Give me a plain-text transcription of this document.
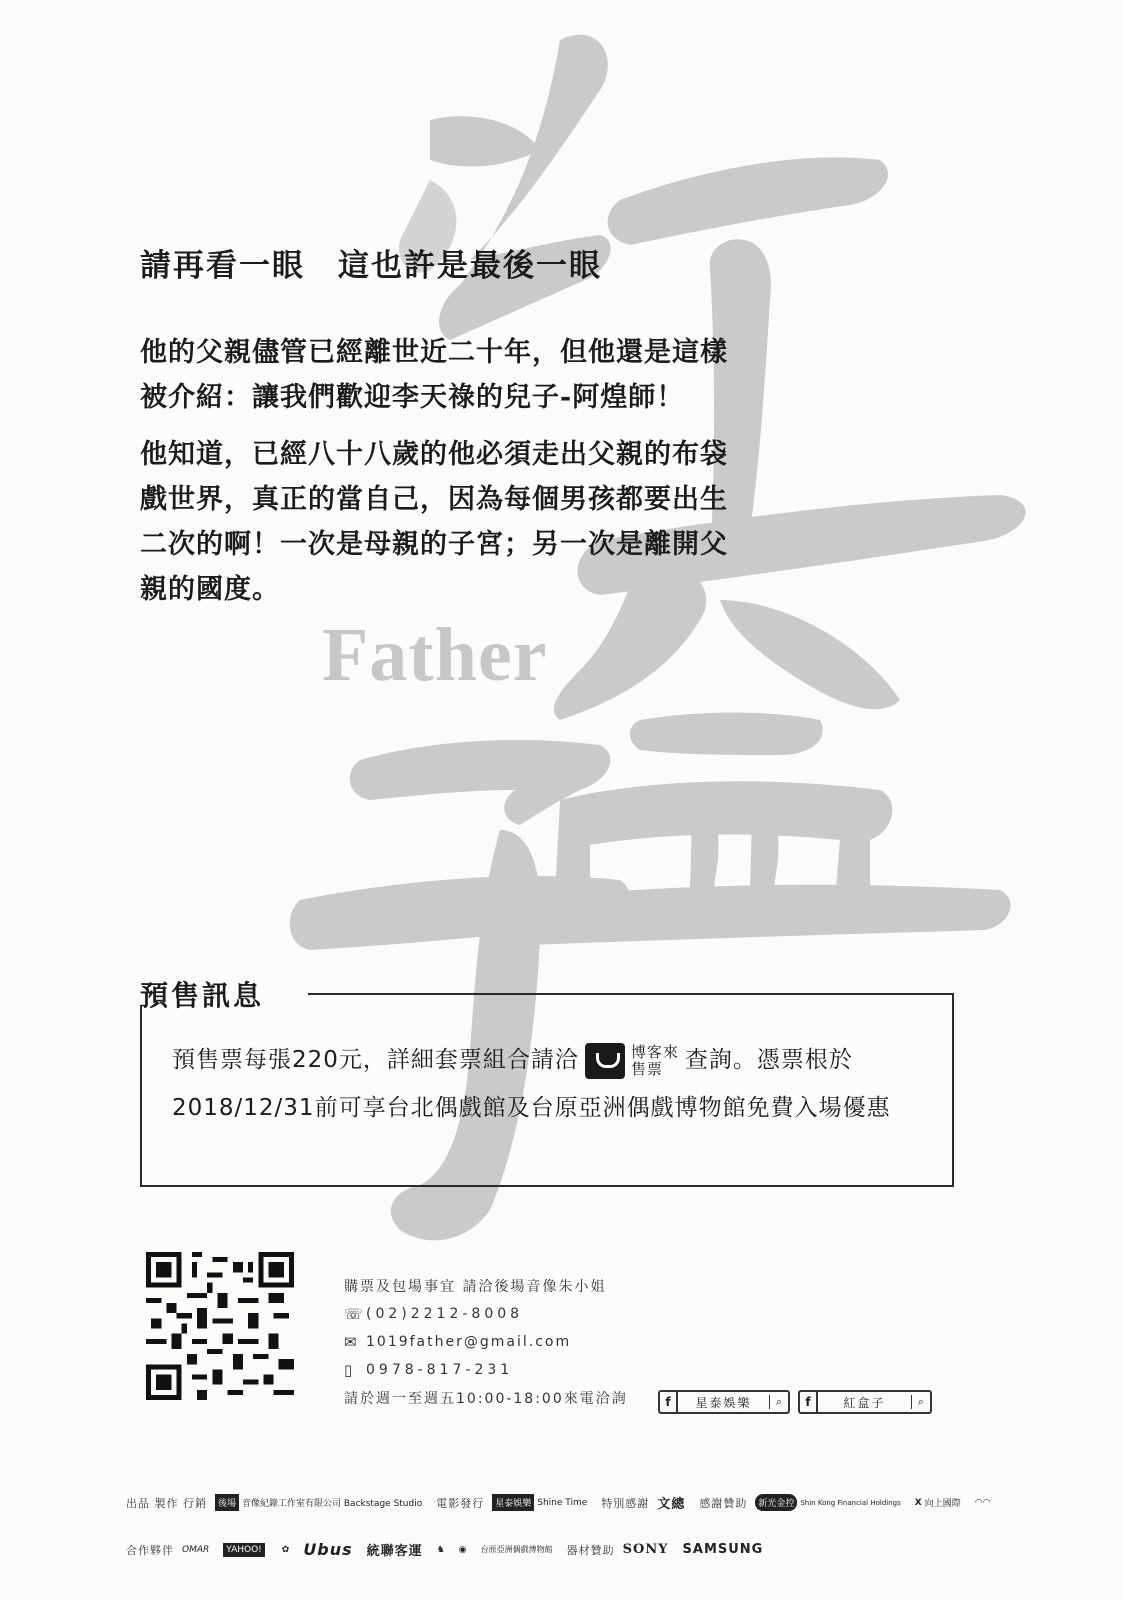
Father
請再看一眼　這也許是最後一眼
他的父親儘管已經離世近二十年，但他還是這樣被介紹：讓我們歡迎李天祿的兒子-阿煌師！
他知道，已經八十八歲的他必須走出父親的布袋戲世界，真正的當自己，因為每個男孩都要出生二次的啊！一次是母親的子宮；另一次是離開父親的國度。
預售訊息
預售票每張220元，詳細套票組合請洽	博客來售票 查詢。憑票根於2018/12/31前可享台北偶戲館及台原亞洲偶戲博物館免費入場優惠
購票及包場事宜 請洽後場音像朱小姐
☏ (02)2212-8008
✉ 1019father@gmail.com
▯ 0978-817-231
請於週一至週五10:00-18:00來電洽詢	f	星泰娛樂	⌕	f	紅盒子	⌕
出品 製作 行銷	後場 音像紀錄工作室有限公司 Backstage Studio 電影發行	星泰娛樂 Shine Time 特別感謝 文總 感謝贊助	新光金控 Shin Kong Financial Holdings X 向上國際 ◠◠
合作夥伴 OMAR	YAHOO!	✿ Ubus 統聯客運 ♞ ◉ 台原亞洲偶戲博物館 器材贊助 SONY SAMSUNG
